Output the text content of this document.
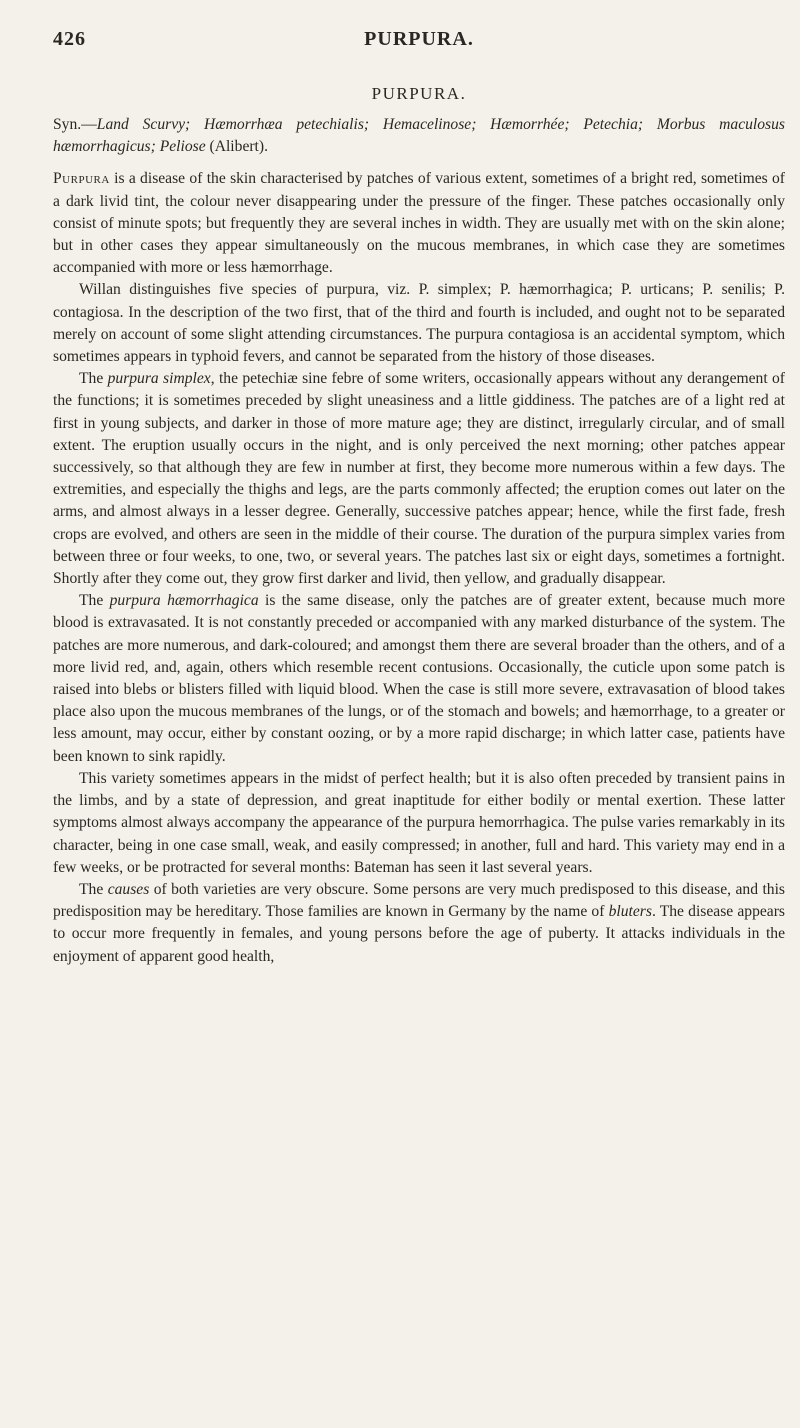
426	PURPURA.
PURPURA.

Syn.—Land Scurvy; Hæmorrhæa petechialis; Hemacelinose; Hæmorrhée; Petechia; Morbus maculosus hæmorrhagicus; Peliose (Alibert).

Purpura is a disease of the skin characterised by patches of various extent, sometimes of a bright red, sometimes of a dark livid tint, the colour never disappearing under the pressure of the finger. These patches occasionally only consist of minute spots; but frequently they are several inches in width. They are usually met with on the skin alone; but in other cases they appear simultaneously on the mucous membranes, in which case they are sometimes accompanied with more or less hæmorrhage.

Willan distinguishes five species of purpura, viz. P. simplex; P. hæmorrhagica; P. urticans; P. senilis; P. contagiosa. In the description of the two first, that of the third and fourth is included, and ought not to be separated merely on account of some slight attending circumstances. The purpura contagiosa is an accidental symptom, which sometimes appears in typhoid fevers, and cannot be separated from the history of those diseases.

The purpura simplex, the petechiæ sine febre of some writers, occasionally appears without any derangement of the functions; it is sometimes preceded by slight uneasiness and a little giddiness. The patches are of a light red at first in young subjects, and darker in those of more mature age; they are distinct, irregularly circular, and of small extent. The eruption usually occurs in the night, and is only perceived the next morning; other patches appear successively, so that although they are few in number at first, they become more numerous within a few days. The extremities, and especially the thighs and legs, are the parts commonly affected; the eruption comes out later on the arms, and almost always in a lesser degree. Generally, successive patches appear; hence, while the first fade, fresh crops are evolved, and others are seen in the middle of their course. The duration of the purpura simplex varies from between three or four weeks, to one, two, or several years. The patches last six or eight days, sometimes a fortnight. Shortly after they come out, they grow first darker and livid, then yellow, and gradually disappear.

The purpura hæmorrhagica is the same disease, only the patches are of greater extent, because much more blood is extravasated. It is not constantly preceded or accompanied with any marked disturbance of the system. The patches are more numerous, and dark-coloured; and amongst them there are several broader than the others, and of a more livid red, and, again, others which resemble recent contusions. Occasionally, the cuticle upon some patch is raised into blebs or blisters filled with liquid blood. When the case is still more severe, extravasation of blood takes place also upon the mucous membranes of the lungs, or of the stomach and bowels; and hæmorrhage, to a greater or less amount, may occur, either by constant oozing, or by a more rapid discharge; in which latter case, patients have been known to sink rapidly.

This variety sometimes appears in the midst of perfect health; but it is also often preceded by transient pains in the limbs, and by a state of depression, and great inaptitude for either bodily or mental exertion. These latter symptoms almost always accompany the appearance of the purpura hemorrhagica. The pulse varies remarkably in its character, being in one case small, weak, and easily compressed; in another, full and hard. This variety may end in a few weeks, or be protracted for several months: Bateman has seen it last several years.

The causes of both varieties are very obscure. Some persons are very much predisposed to this disease, and this predisposition may be hereditary. Those families are known in Germany by the name of bluters. The disease appears to occur more frequently in females, and young persons before the age of puberty. It attacks individuals in the enjoyment of apparent good health,
